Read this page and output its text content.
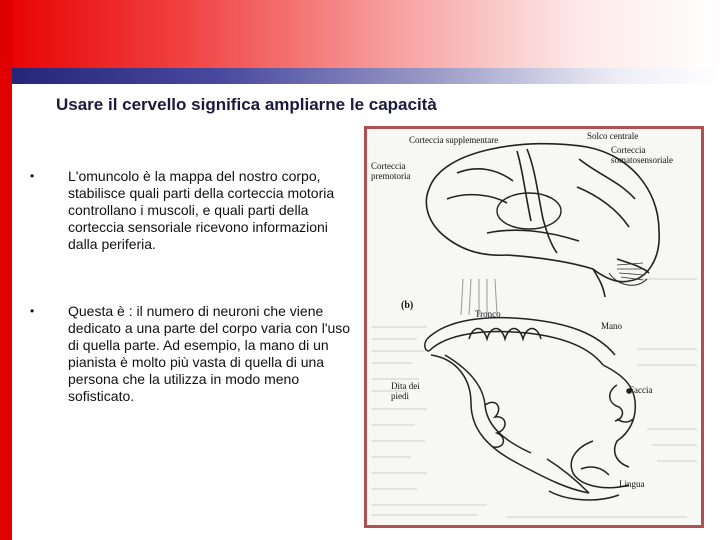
Usare il cervello significa ampliarne le capacità
• L'omuncolo è la mappa del nostro corpo, stabilisce quali parti della corteccia motoria controllano i muscoli, e quali parti della corteccia sensoriale ricevono informazioni dalla periferia.
• Questa è : il numero di neuroni che viene dedicato a una parte del corpo varia con l'uso di quella parte. Ad esempio, la mano di un pianista è molto più vasta di quella di una persona che la utilizza in modo meno sofisticato.
Corteccia supplementare	Solco centrale
Corteccia somatosensoriale
Corteccia premotoria
(b)
Tronco
Mano
Dita dei piedi
Faccia
Lingua
